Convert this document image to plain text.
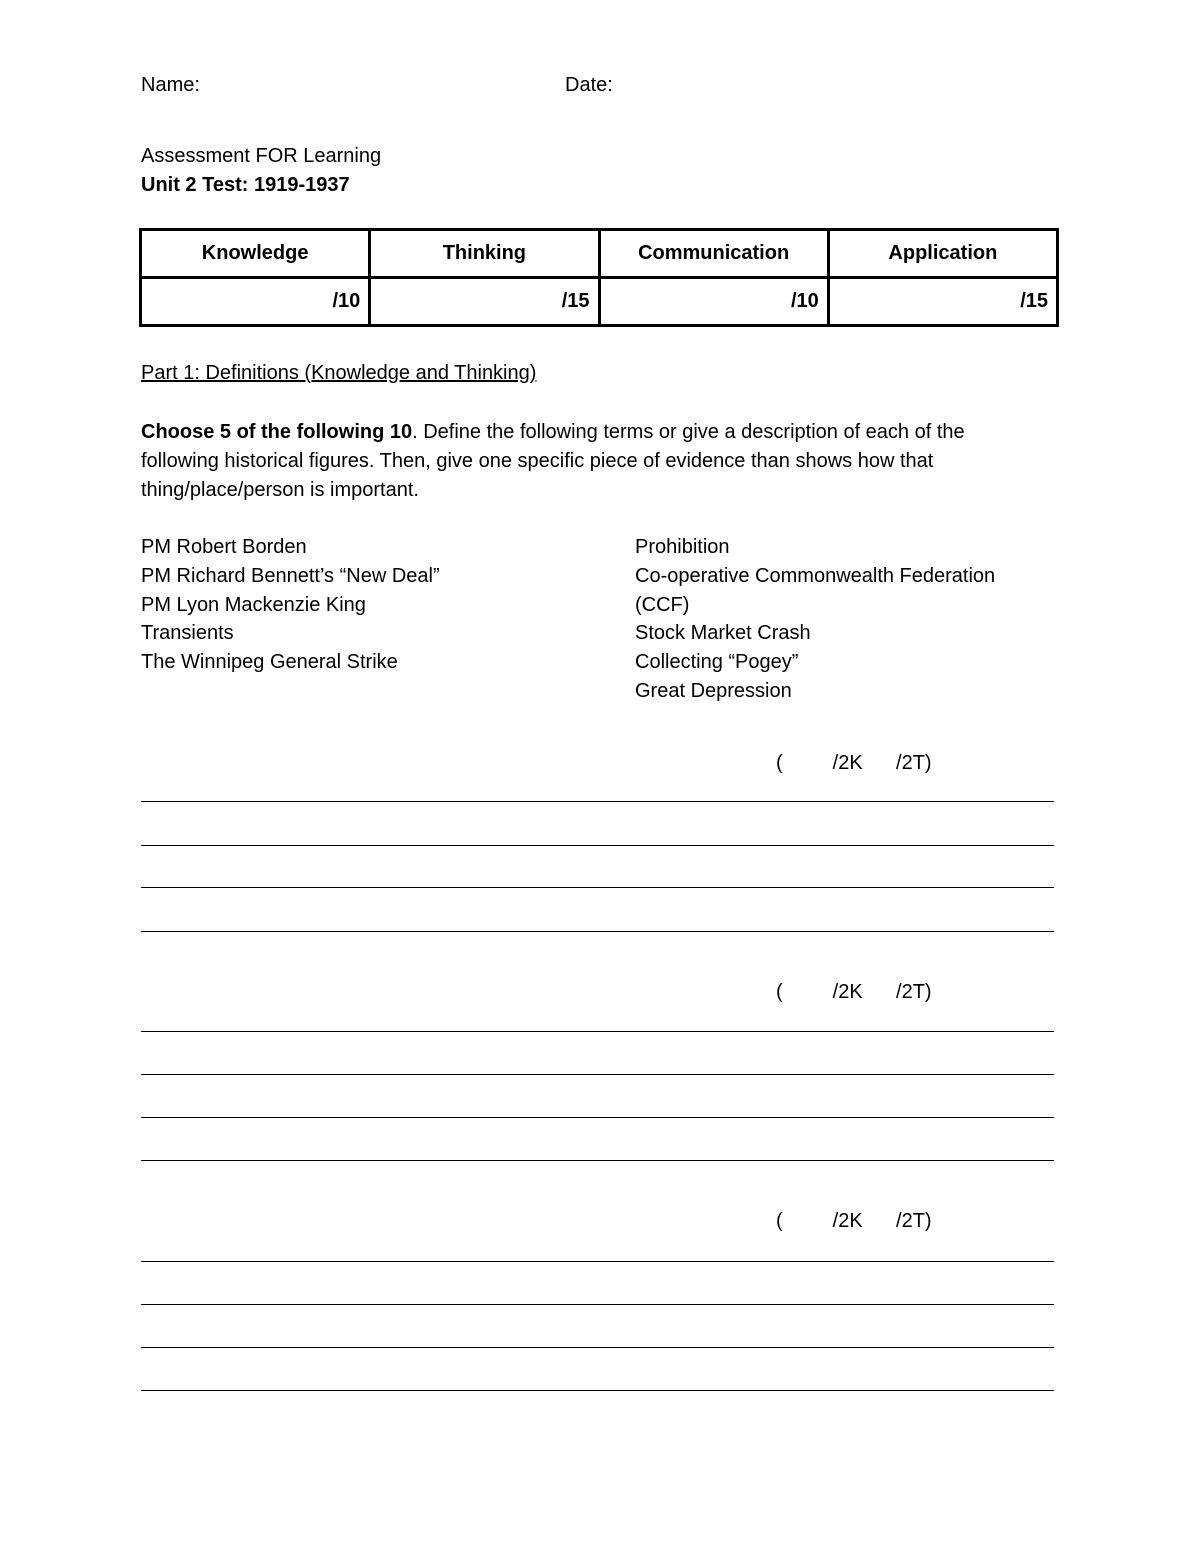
Name:	Date:
Assessment FOR Learning
Unit 2 Test: 1919-1937
Knowledge	Thinking	Communication	Application
/10	/15	/10	/15
Part 1: Definitions (Knowledge and Thinking)
Choose 5 of the following 10. Define the following terms or give a description of each of the following historical figures. Then, give one specific piece of evidence than shows how that thing/place/person is important.
PM Robert Borden
PM Richard Bennett’s “New Deal”
PM Lyon Mackenzie King
Transients
The Winnipeg General Strike
Prohibition
Co-operative Commonwealth Federation (CCF)
Stock Market Crash
Collecting “Pogey”
Great Depression
(         /2K      /2T)
(         /2K      /2T)
(         /2K      /2T)
